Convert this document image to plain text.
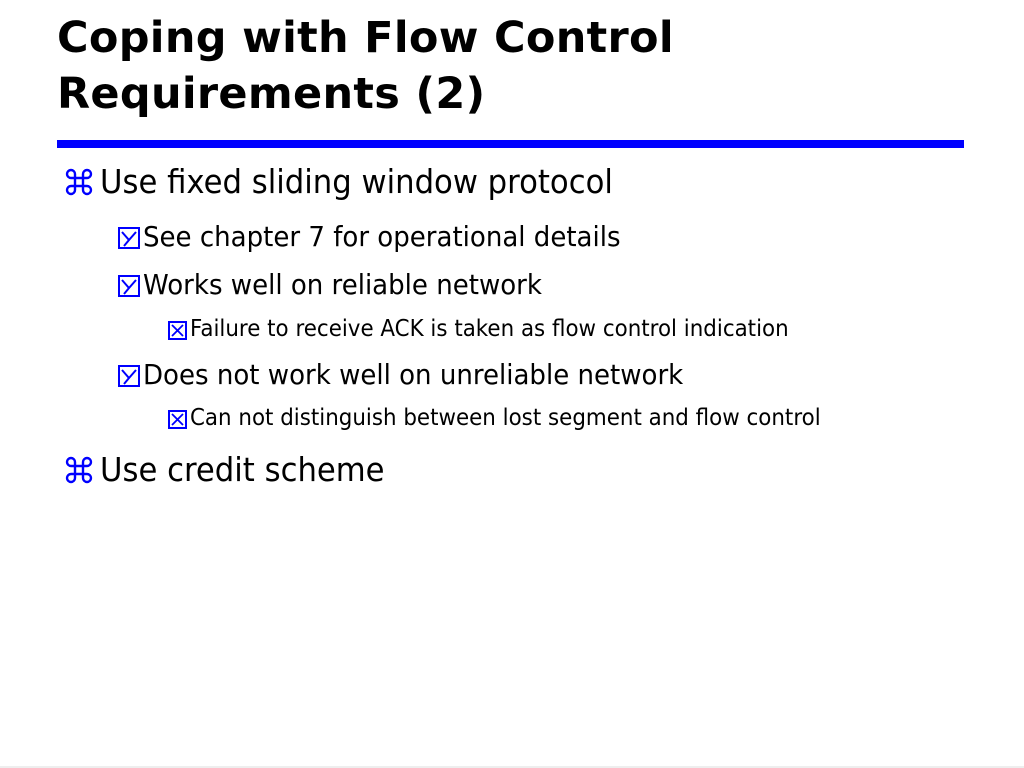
Coping with Flow Control Requirements (2)
Use fixed sliding window protocol
See chapter 7 for operational details
Works well on reliable network
Failure to receive ACK is taken as flow control indication
Does not work well on unreliable network
Can not distinguish between lost segment and flow control
Use credit scheme
